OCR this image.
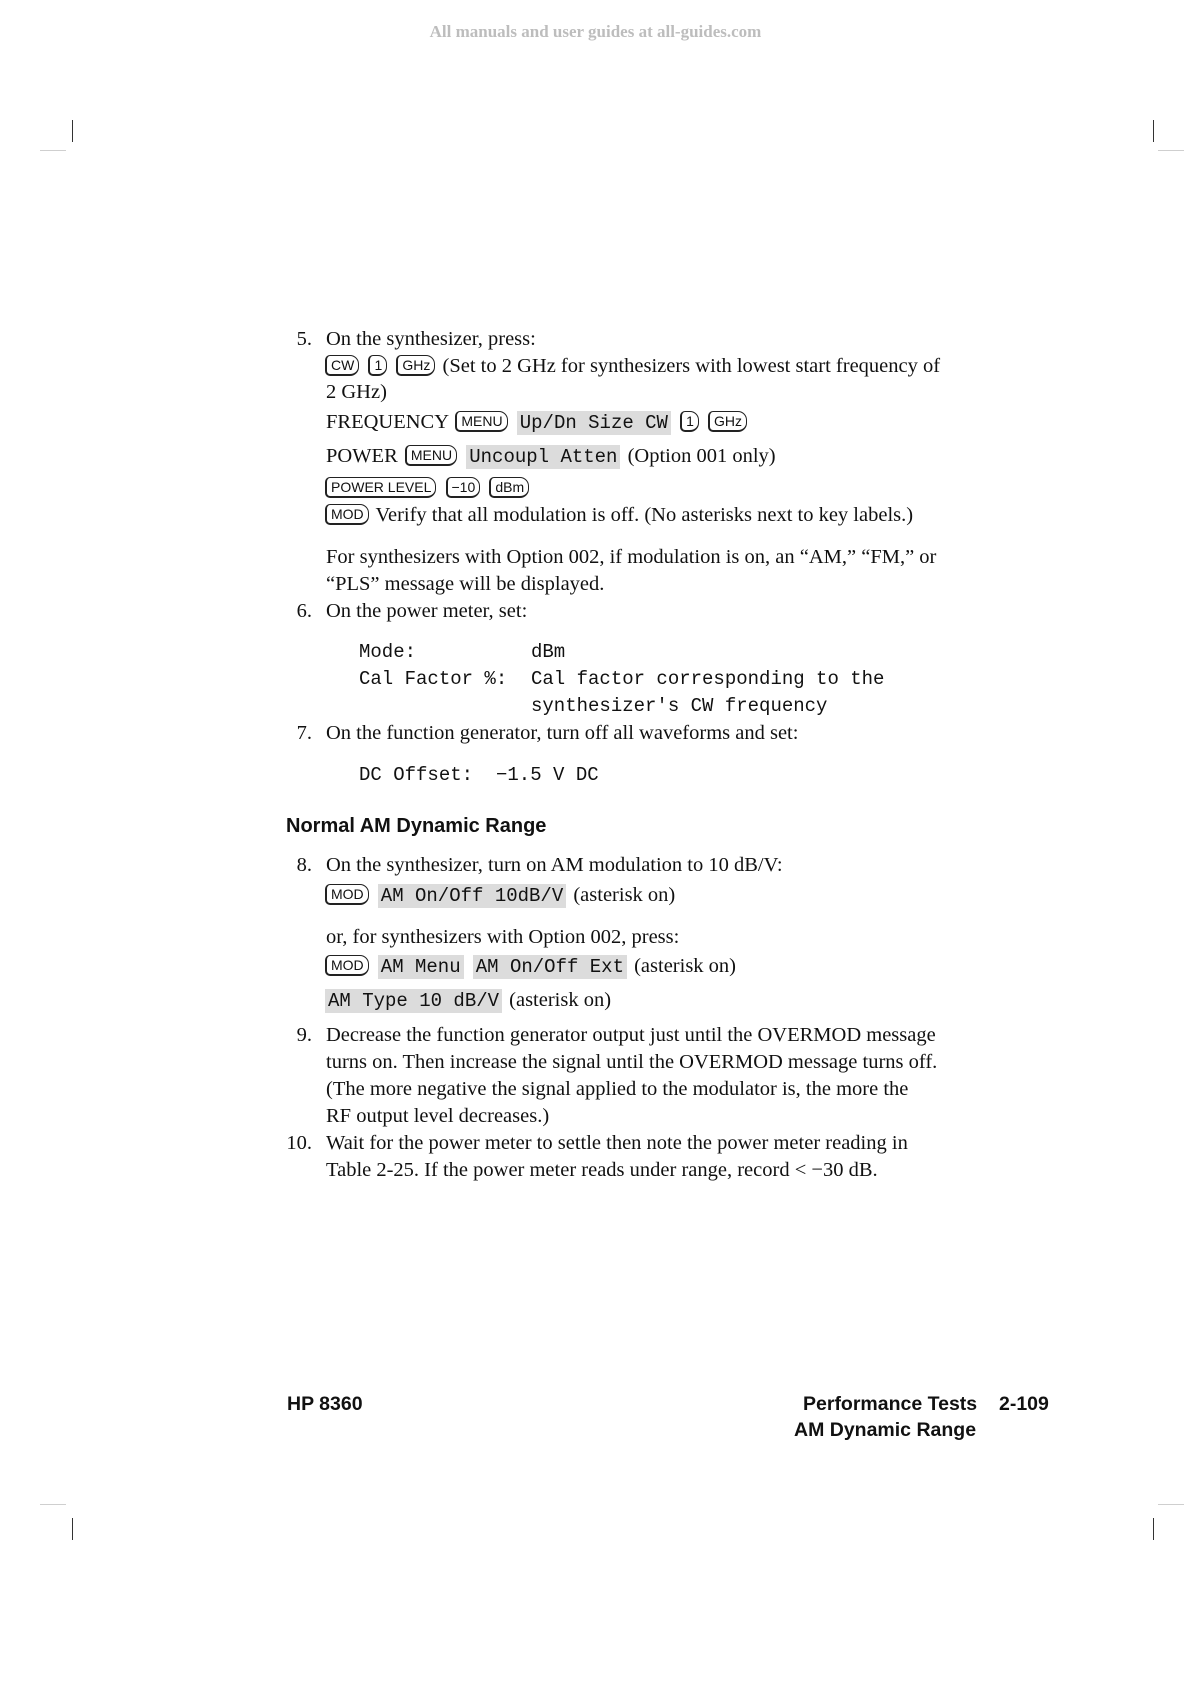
All manuals and user guides at all-guides.com
5. On the synthesizer, press:
CW 1 GHz (Set to 2 GHz for synthesizers with lowest start frequency of
2 GHz)
FREQUENCY MENU Up/Dn Size CW 1 GHz
POWER MENU Uncoupl Atten (Option 001 only)
POWER LEVEL −10 dBm
MOD Verify that all modulation is off. (No asterisks next to key labels.)
For synthesizers with Option 002, if modulation is on, an “AM,” “FM,” or
“PLS” message will be displayed.
6. On the power meter, set:
Mode:	dBm
Cal Factor %: Cal factor corresponding to the
synthesizer's CW frequency
7. On the function generator, turn off all waveforms and set:
DC Offset: −1.5 V DC
Normal AM Dynamic Range
8. On the synthesizer, turn on AM modulation to 10 dB/V:
MOD AM On/Off 10dB/V (asterisk on)
or, for synthesizers with Option 002, press:
MOD AM Menu AM On/Off Ext (asterisk on)
AM Type 10 dB/V (asterisk on)
9. Decrease the function generator output just until the OVERMOD message
turns on. Then increase the signal until the OVERMOD message turns off.
(The more negative the signal applied to the modulator is, the more the
RF output level decreases.)
10. Wait for the power meter to settle then note the power meter reading in
Table 2-25. If the power meter reads under range, record < −30 dB.
HP 8360	Performance Tests 2-109
AM Dynamic Range
